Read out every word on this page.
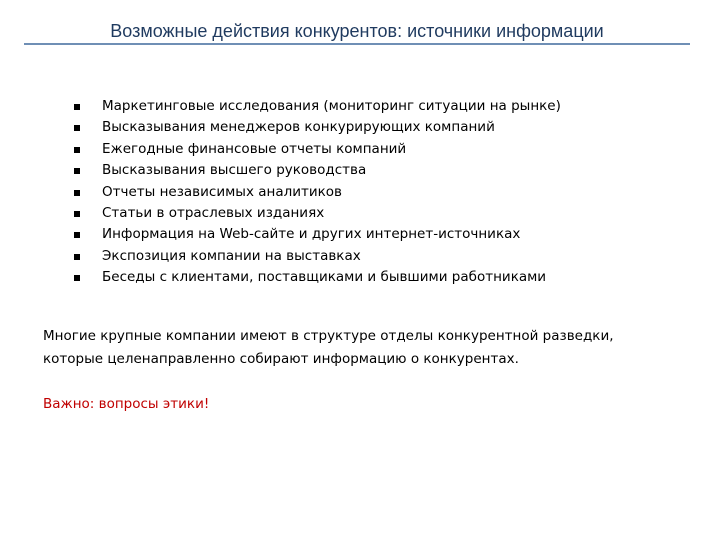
Возможные действия конкурентов: источники информации
Маркетинговые исследования (мониторинг ситуации на рынке)
Высказывания менеджеров конкурирующих компаний
Ежегодные финансовые отчеты компаний
Высказывания высшего руководства
Отчеты независимых аналитиков
Статьи в отраслевых изданиях
Информация на Web-сайте и других интернет-источниках
Экспозиция компании на выставках
Беседы с клиентами, поставщиками и бывшими работниками

Многие крупные компании имеют в структуре отделы конкурентной разведки,
которые целенаправленно собирают информацию о конкурентах.

Важно: вопросы этики!
